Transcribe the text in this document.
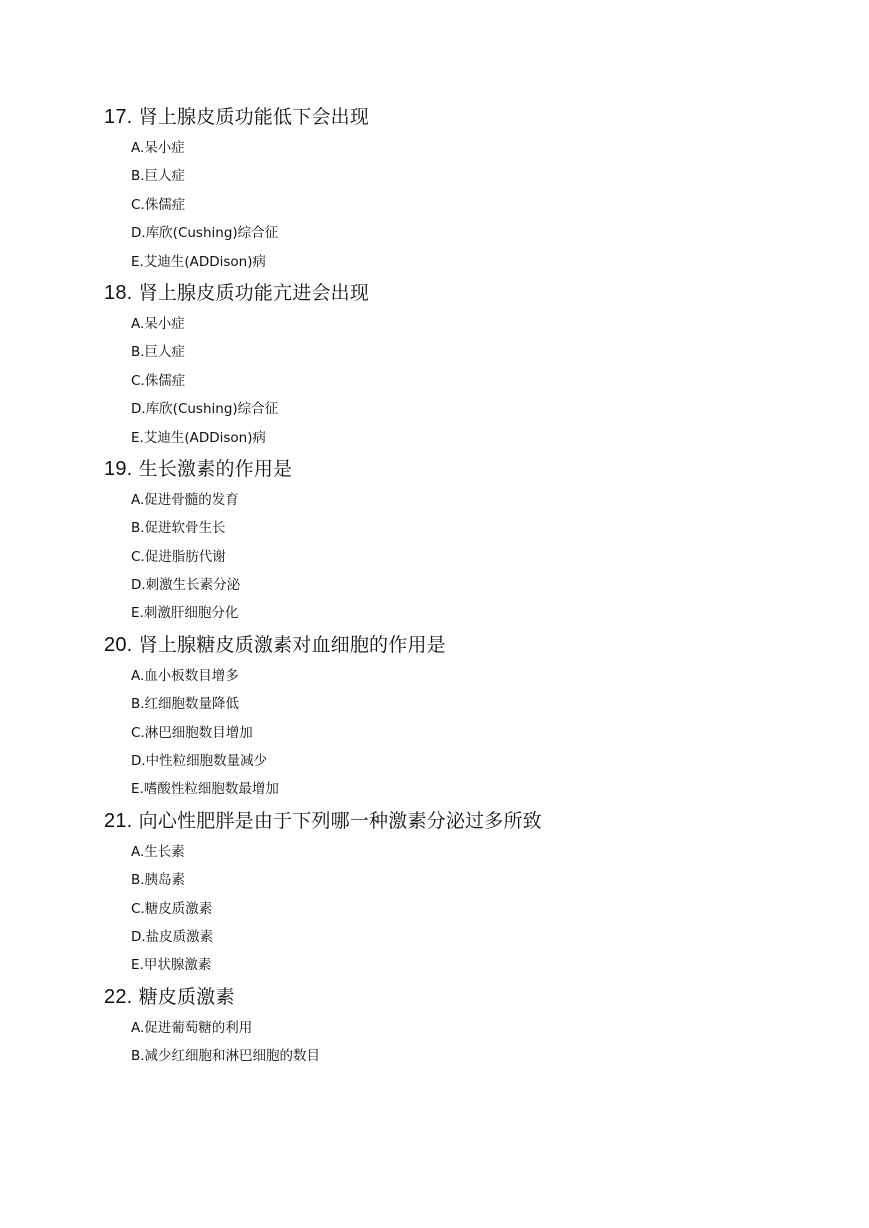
17. 肾上腺皮质功能低下会出现
A.呆小症
B.巨人症
C.侏儒症
D.库欣(Cushing)综合征
E.艾迪生(ADDison)病
18. 肾上腺皮质功能亢进会出现
A.呆小症
B.巨人症
C.侏儒症
D.库欣(Cushing)综合征
E.艾迪生(ADDison)病
19. 生长激素的作用是
A.促进骨髓的发育
B.促进软骨生长
C.促进脂肪代谢
D.刺激生长素分泌
E.刺激肝细胞分化
20. 肾上腺糖皮质激素对血细胞的作用是
A.血小板数目增多
B.红细胞数量降低
C.淋巴细胞数目增加
D.中性粒细胞数量减少
E.嗜酸性粒细胞数最增加
21. 向心性肥胖是由于下列哪一种激素分泌过多所致
A.生长素
B.胰岛素
C.糖皮质激素
D.盐皮质激素
E.甲状腺激素
22. 糖皮质激素
A.促进葡萄糖的利用
B.减少红细胞和淋巴细胞的数目
